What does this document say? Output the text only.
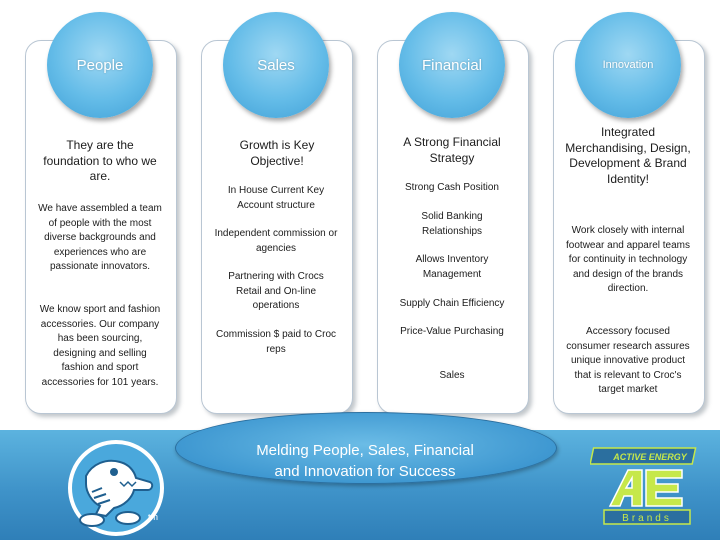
People
They are the foundation to who we are.
We have assembled a team of people with the most diverse backgrounds and experiences who are passionate innovators.
We know sport and fashion accessories. Our company has been sourcing, designing and selling fashion and sport accessories for 101 years.
Sales
Growth is Key Objective!
In House Current Key Account structure
Independent commission or agencies
Partnering with Crocs Retail and On-line operations
Commission $ paid to Croc reps
Financial
A Strong Financial Strategy
Strong Cash Position
Solid Banking Relationships
Allows Inventory Management
Supply Chain Efficiency
Price-Value Purchasing
Sales
Innovation
Integrated Merchandising, Design, Development & Brand Identity!
Work closely with internal footwear and apparel teams for continuity in technology and design of the brands direction.
Accessory focused consumer research assures unique innovative product that is relevant to Croc's target market
tm
Melding People, Sales, Financial
and Innovation for Success
ACTIVE ENERGY
Brands
